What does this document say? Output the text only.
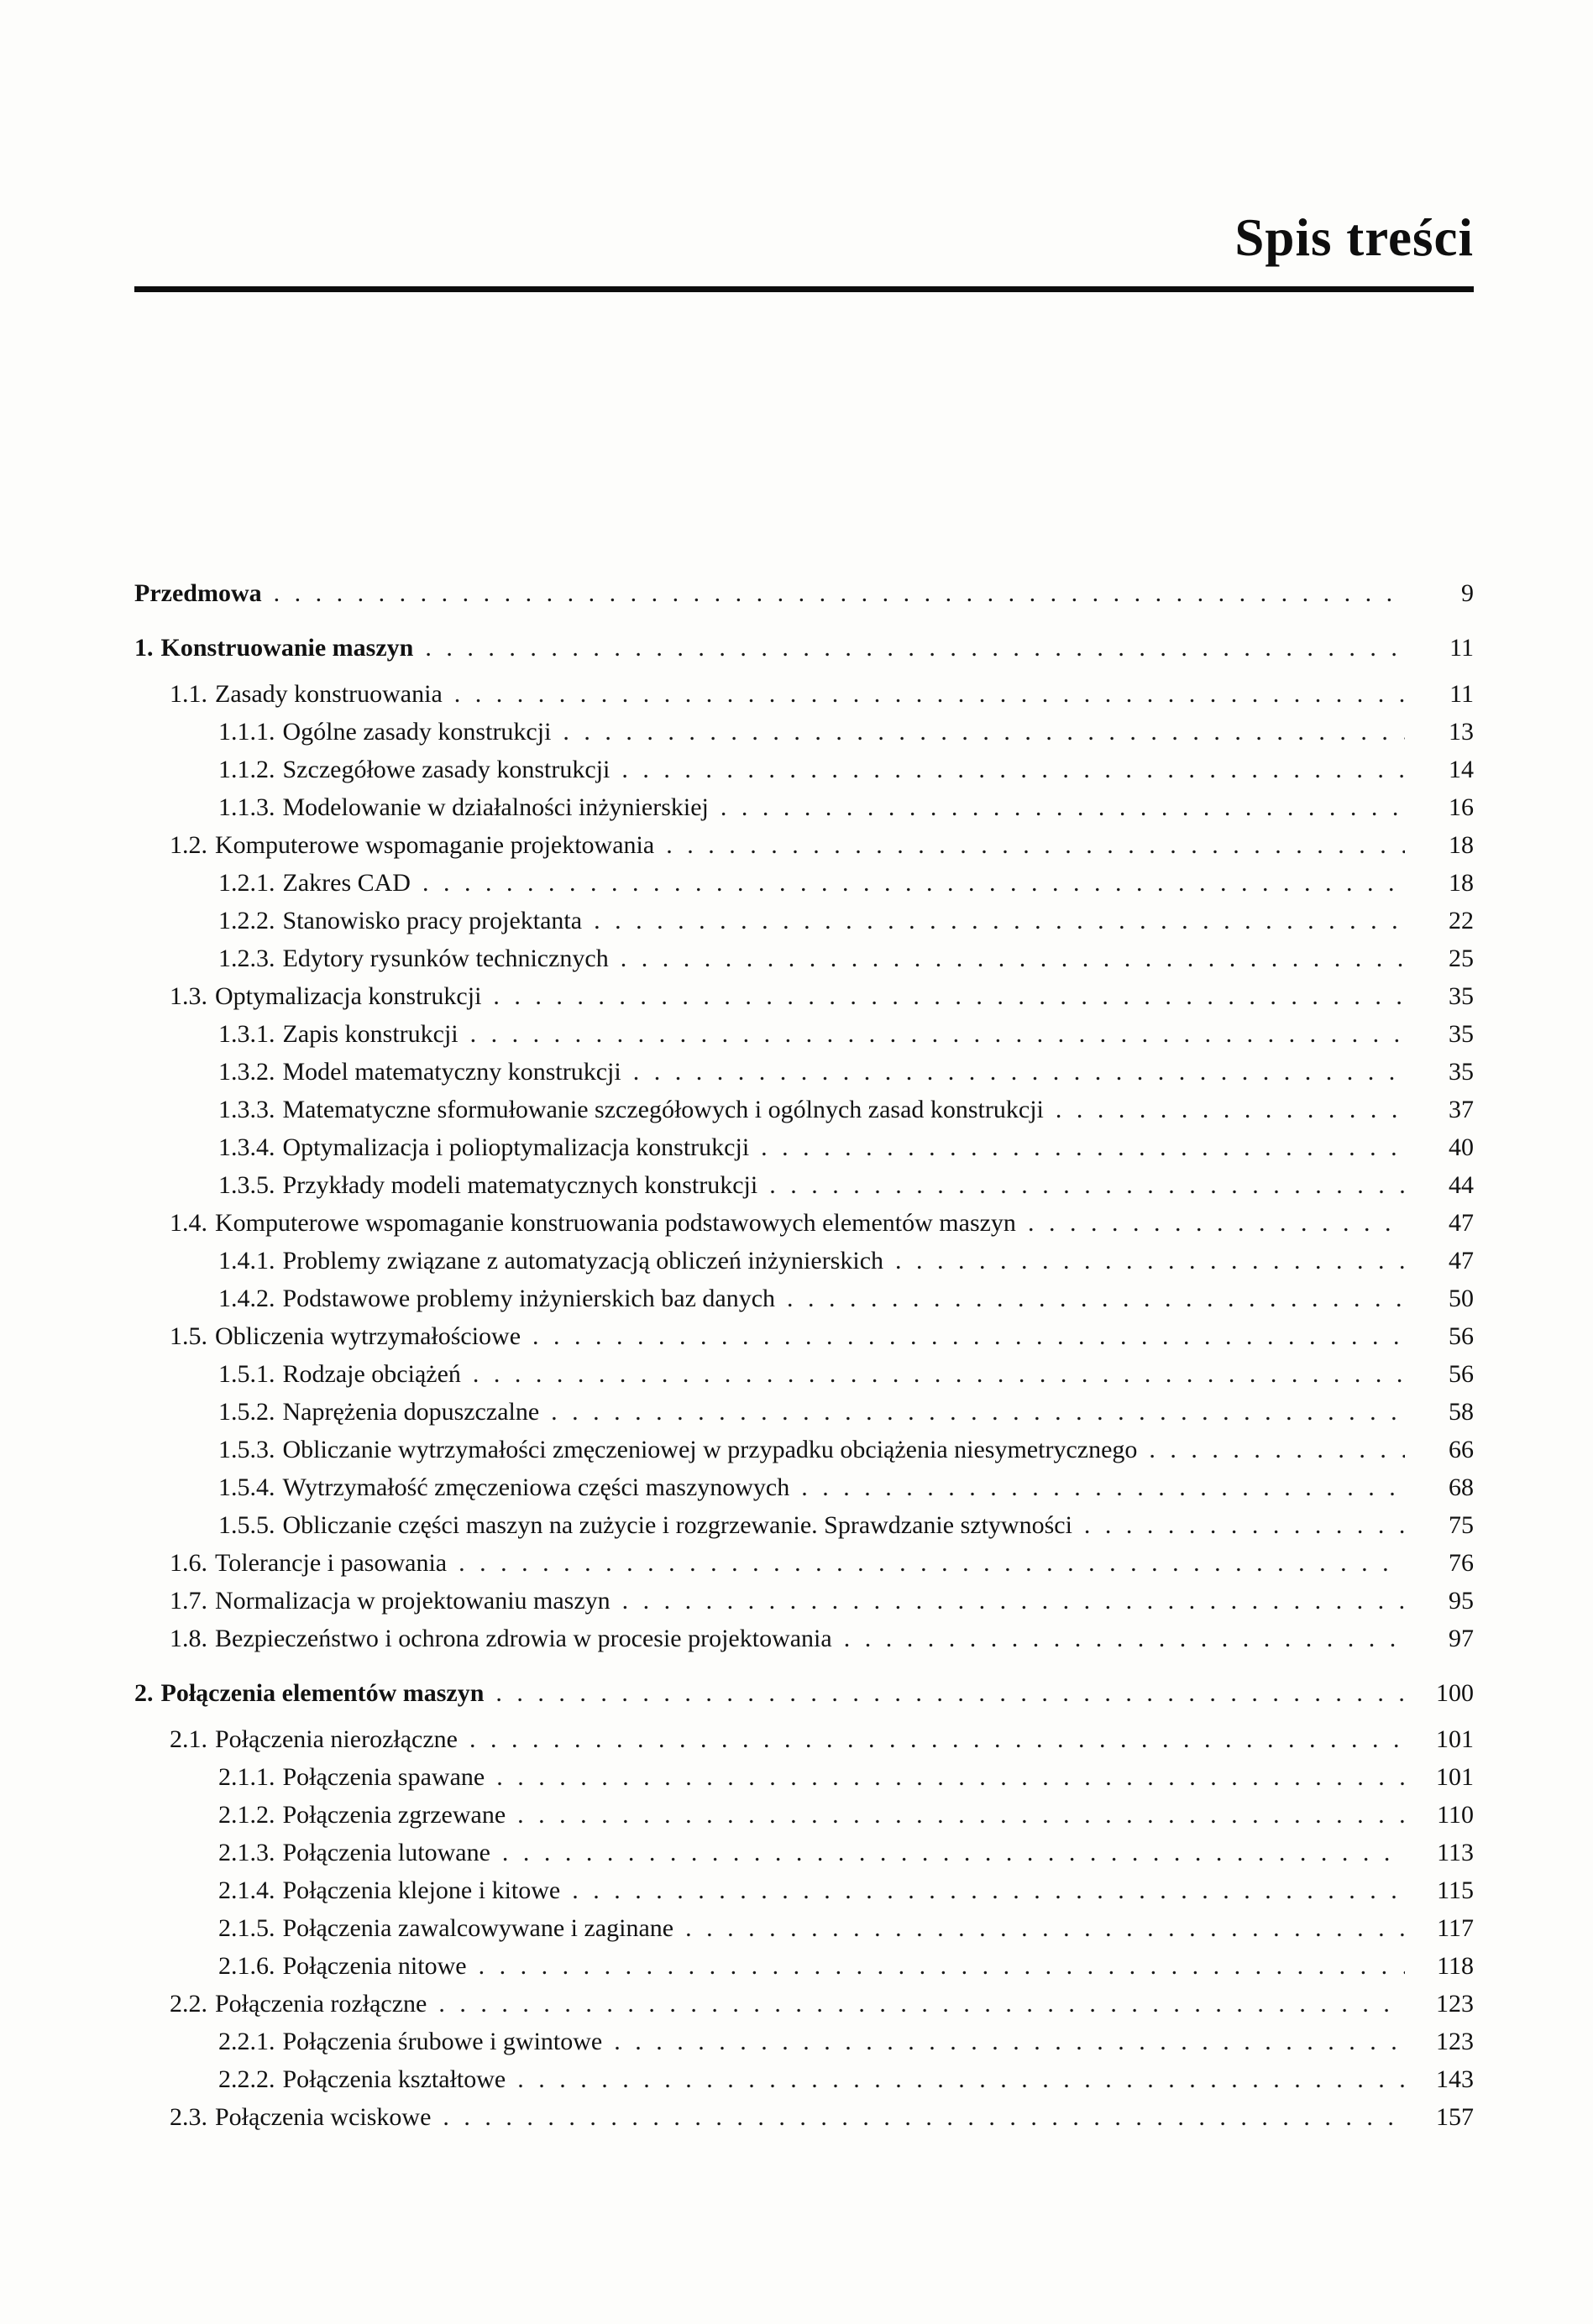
Spis treści
Przedmowa . . .	9
1. Konstruowanie maszyn . . .	11
1.1. Zasady konstruowania . . .	11
1.1.1. Ogólne zasady konstrukcji . . .	13
1.1.2. Szczegółowe zasady konstrukcji . . .	14
1.1.3. Modelowanie w działalności inżynierskiej . . .	16
1.2. Komputerowe wspomaganie projektowania . . .	18
1.2.1. Zakres CAD . . .	18
1.2.2. Stanowisko pracy projektanta . . .	22
1.2.3. Edytory rysunków technicznych . . .	25
1.3. Optymalizacja konstrukcji . . .	35
1.3.1. Zapis konstrukcji . . .	35
1.3.2. Model matematyczny konstrukcji . . .	35
1.3.3. Matematyczne sformułowanie szczegółowych i ogólnych zasad konstrukcji . . .	37
1.3.4. Optymalizacja i polioptymalizacja konstrukcji . . .	40
1.3.5. Przykłady modeli matematycznych konstrukcji . . .	44
1.4. Komputerowe wspomaganie konstruowania podstawowych elementów maszyn . . .	47
1.4.1. Problemy związane z automatyzacją obliczeń inżynierskich . . .	47
1.4.2. Podstawowe problemy inżynierskich baz danych . . .	50
1.5. Obliczenia wytrzymałościowe . . .	56
1.5.1. Rodzaje obciążeń . . .	56
1.5.2. Naprężenia dopuszczalne . . .	58
1.5.3. Obliczanie wytrzymałości zmęczeniowej w przypadku obciążenia niesymetrycznego . . .	66
1.5.4. Wytrzymałość zmęczeniowa części maszynowych . . .	68
1.5.5. Obliczanie części maszyn na zużycie i rozgrzewanie. Sprawdzanie sztywności . . .	75
1.6. Tolerancje i pasowania . . .	76
1.7. Normalizacja w projektowaniu maszyn . . .	95
1.8. Bezpieczeństwo i ochrona zdrowia w procesie projektowania . . .	97
2. Połączenia elementów maszyn . . .	100
2.1. Połączenia nierozłączne . . .	101
2.1.1. Połączenia spawane . . .	101
2.1.2. Połączenia zgrzewane . . .	110
2.1.3. Połączenia lutowane . . .	113
2.1.4. Połączenia klejone i kitowe . . .	115
2.1.5. Połączenia zawalcowywane i zaginane . . .	117
2.1.6. Połączenia nitowe . . .	118
2.2. Połączenia rozłączne . . .	123
2.2.1. Połączenia śrubowe i gwintowe . . .	123
2.2.2. Połączenia kształtowe . . .	143
2.3. Połączenia wciskowe . . .	157
